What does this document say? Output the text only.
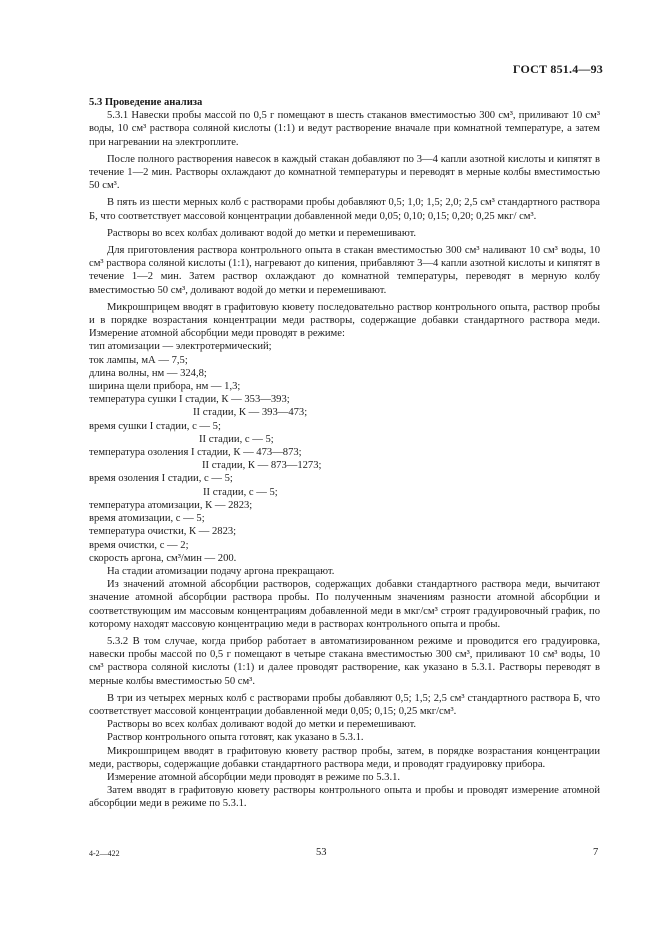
ГОСТ 851.4—93

5.3 Проведение анализа

5.3.1 Навески пробы массой по 0,5 г помещают в шесть стаканов вместимостью 300 см³, приливают 10 см³ воды, 10 см³ раствора соляной кислоты (1:1) и ведут растворение вначале при комнатной температуре, а затем при нагревании на электроплите.

После полного растворения навесок в каждый стакан добавляют по 3—4 капли азотной кислоты и кипятят в течение 1—2 мин. Растворы охлаждают до комнатной температуры и переводят в мерные колбы вместимостью 50 см³.

В пять из шести мерных колб с растворами пробы добавляют 0,5; 1,0; 1,5; 2,0; 2,5 см³ стандартного раствора Б, что соответствует массовой концентрации добавленной меди 0,05; 0,10; 0,15; 0,20; 0,25 мкг/ см³.

Растворы во всех колбах доливают водой до метки и перемешивают.

Для приготовления раствора контрольного опыта в стакан вместимостью 300 см³ наливают 10 см³ воды, 10 см³ раствора соляной кислоты (1:1), нагревают до кипения, прибавляют 3—4 капли азотной кислоты и кипятят в течение 1—2 мин. Затем раствор охлаждают до комнатной температуры, переводят в мерную колбу вместимостью 50 см³, доливают водой до метки и перемешивают.

Микрошприцем вводят в графитовую кювету последовательно раствор контрольного опыта, раствор пробы и в порядке возрастания концентрации меди растворы, содержащие добавки стандартного раствора меди. Измерение атомной абсорбции меди проводят в режиме:

тип атомизации — электротермический;

ток лампы, мА — 7,5;

длина волны, нм — 324,8;

ширина щели прибора, нм — 1,3;

температура сушки I стадии, К — 353—393;

II стадии, К — 393—473;

время сушки I стадии, с — 5;

II стадии, с — 5;

температура озоления I стадии, К — 473—873;

II стадии, К — 873—1273;

время озоления I стадии, с — 5;

II стадии, с — 5;

температура атомизации, К — 2823;

время атомизации, с — 5;

температура очистки, К — 2823;

время очистки, с — 2;

скорость аргона, см³/мин — 200.

На стадии атомизации подачу аргона прекращают.

Из значений атомной абсорбции растворов, содержащих добавки стандартного раствора меди, вычитают значение атомной абсорбции раствора пробы. По полученным значениям разности атомной абсорбции и соответствующим им массовым концентрациям добавленной меди в мкг/см³ строят градуировочный график, по которому находят массовую концентрацию меди в растворах контрольного опыта и пробы.

5.3.2 В том случае, когда прибор работает в автоматизированном режиме и проводится его градуировка, навески пробы массой по 0,5 г помещают в четыре стакана вместимостью 300 см³, приливают 10 см³ воды, 10 см³ раствора соляной кислоты (1:1) и далее проводят растворение, как указано в 5.3.1. Растворы переводят в мерные колбы вместимостью 50 см³.

В три из четырех мерных колб с растворами пробы добавляют 0,5; 1,5; 2,5 см³ стандартного раствора Б, что соответствует массовой концентрации добавленной меди 0,05; 0,15; 0,25 мкг/см³.

Растворы во всех колбах доливают водой до метки и перемешивают.

Раствор контрольного опыта готовят, как указано в 5.3.1.

Микрошприцем вводят в графитовую кювету раствор пробы, затем, в порядке возрастания концентрации меди, растворы, содержащие добавки стандартного раствора меди, и проводят градуировку прибора.

Измерение атомной абсорбции меди проводят в режиме по 5.3.1.

Затем вводят в графитовую кювету растворы контрольного опыта и пробы и проводят измерение атомной абсорбции меди в режиме по 5.3.1.

4-2—422	53	7
